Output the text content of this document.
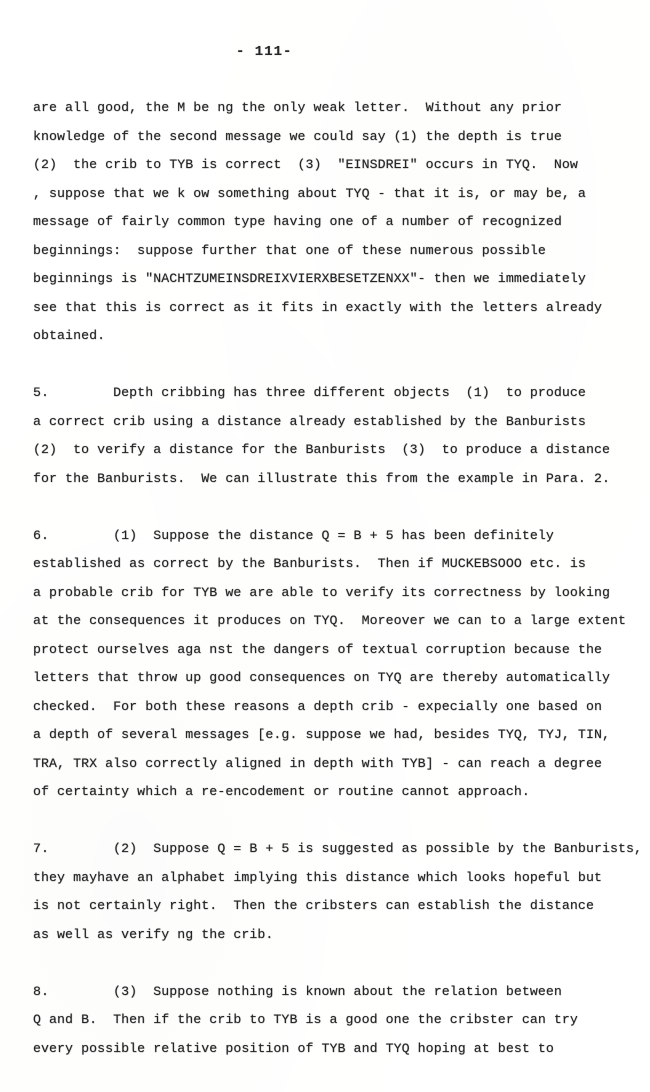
- 111-
are all good, the M be ng the only weak letter.  Without any prior
knowledge of the second message we could say (1) the depth is true
(2)  the crib to TYB is correct  (3)  "EINSDREI" occurs in TYQ.  Now
, suppose that we k ow something about TYQ - that it is, or may be, a
message of fairly common type having one of a number of recognized
beginnings:  suppose further that one of these numerous possible
beginnings is "NACHTZUMEINSDREIXVIERXBESETZENXX"- then we immediately
see that this is correct as it fits in exactly with the letters already
obtained.
5.        Depth cribbing has three different objects  (1)  to produce
a correct crib using a distance already established by the Banburists
(2)  to verify a distance for the Banburists  (3)  to produce a distance
for the Banburists.  We can illustrate this from the example in Para. 2.
6.        (1)  Suppose the distance Q = B + 5 has been definitely
established as correct by the Banburists.  Then if MUCKEBSOOO etc. is
a probable crib for TYB we are able to verify its correctness by looking
at the consequences it produces on TYQ.  Moreover we can to a large extent
protect ourselves aga nst the dangers of textual corruption because the
letters that throw up good consequences on TYQ are thereby automatically
checked.  For both these reasons a depth crib - expecially one based on
a depth of several messages [e.g. suppose we had, besides TYQ, TYJ, TIN,
TRA, TRX also correctly aligned in depth with TYB] - can reach a degree
of certainty which a re-encodement or routine cannot approach.
7.        (2)  Suppose Q = B + 5 is suggested as possible by the Banburists,
they mayhave an alphabet implying this distance which looks hopeful but
is not certainly right.  Then the cribsters can establish the distance
as well as verify ng the crib.
8.        (3)  Suppose nothing is known about the relation between
Q and B.  Then if the crib to TYB is a good one the cribster can try
every possible relative position of TYB and TYQ hoping at best to
